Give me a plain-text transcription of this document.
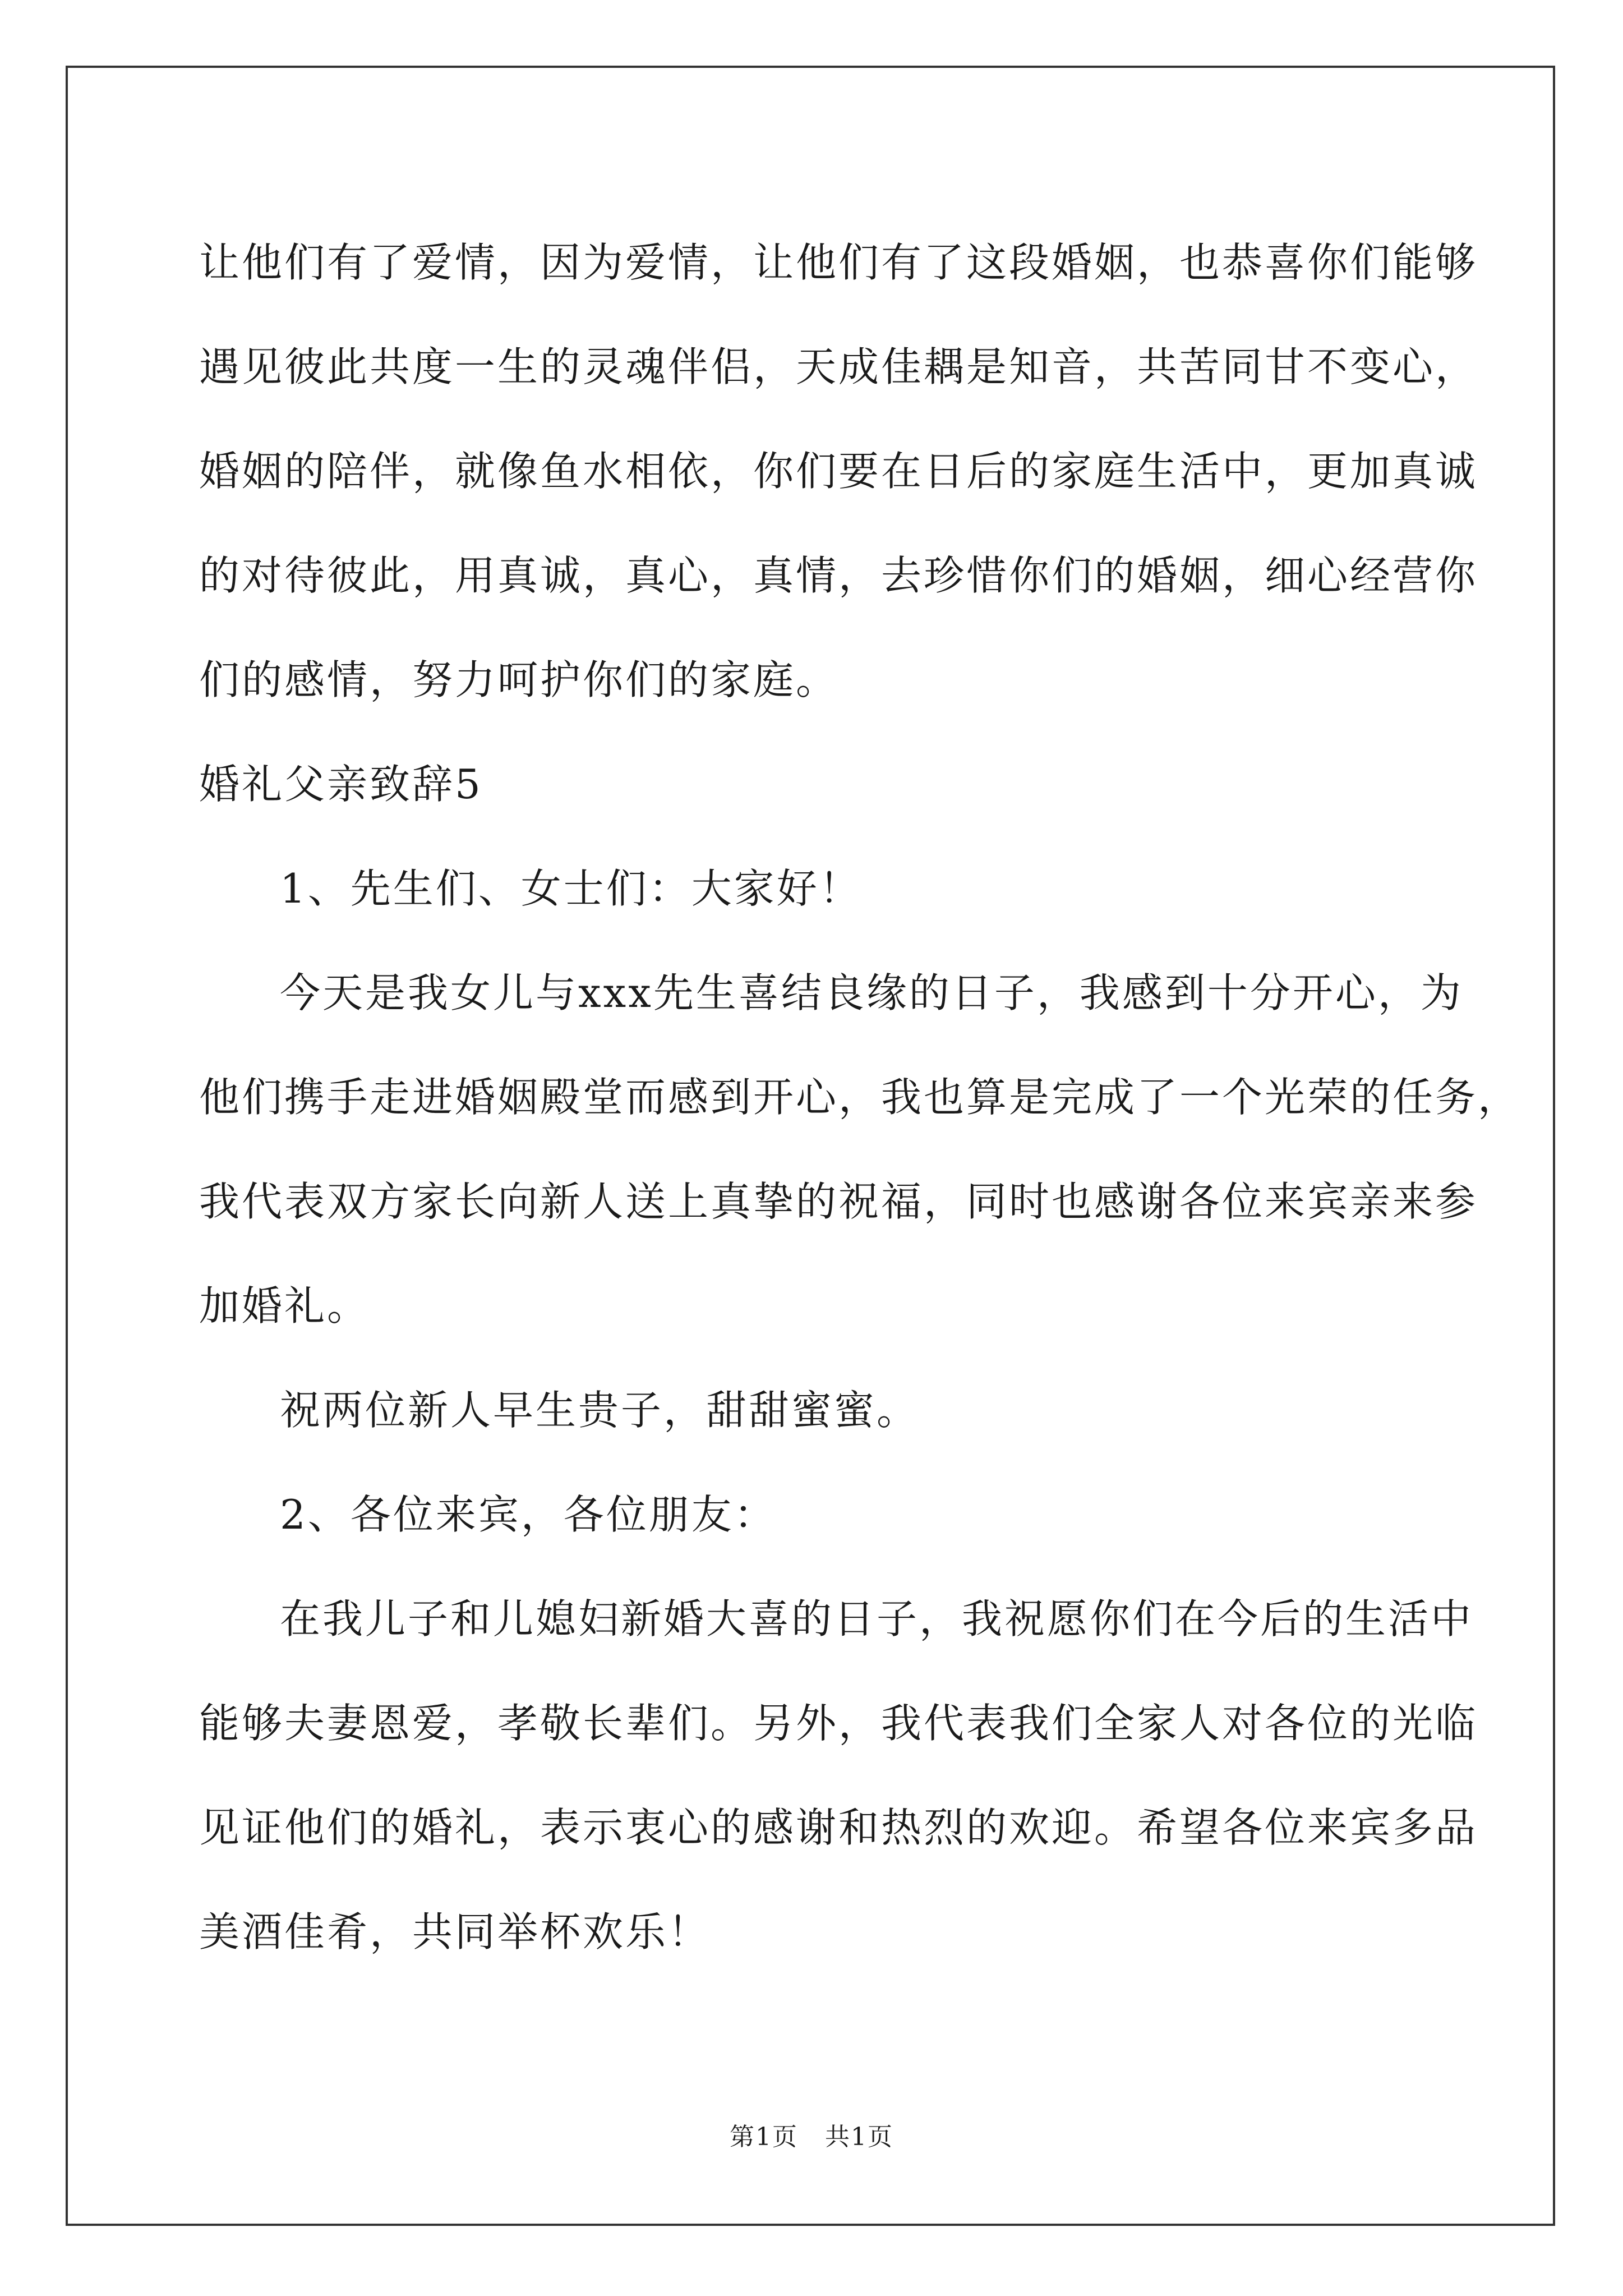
让他们有了爱情，因为爱情，让他们有了这段婚姻，也恭喜你们能够
遇见彼此共度一生的灵魂伴侣，天成佳耦是知音，共苦同甘不变心，
婚姻的陪伴，就像鱼水相依，你们要在日后的家庭生活中，更加真诚
的对待彼此，用真诚，真心，真情，去珍惜你们的婚姻，细心经营你
们的感情，努力呵护你们的家庭。
婚礼父亲致辞5
1、先生们、女士们：大家好！
今天是我女儿与xxx先生喜结良缘的日子，我感到十分开心，为
他们携手走进婚姻殿堂而感到开心，我也算是完成了一个光荣的任务，
我代表双方家长向新人送上真挚的祝福，同时也感谢各位来宾亲来参
加婚礼。
祝两位新人早生贵子，甜甜蜜蜜。
2、各位来宾，各位朋友：
在我儿子和儿媳妇新婚大喜的日子，我祝愿你们在今后的生活中
能够夫妻恩爱，孝敬长辈们。另外，我代表我们全家人对各位的光临
见证他们的婚礼，表示衷心的感谢和热烈的欢迎。希望各位来宾多品
美酒佳肴，共同举杯欢乐！
第1页 共1页
